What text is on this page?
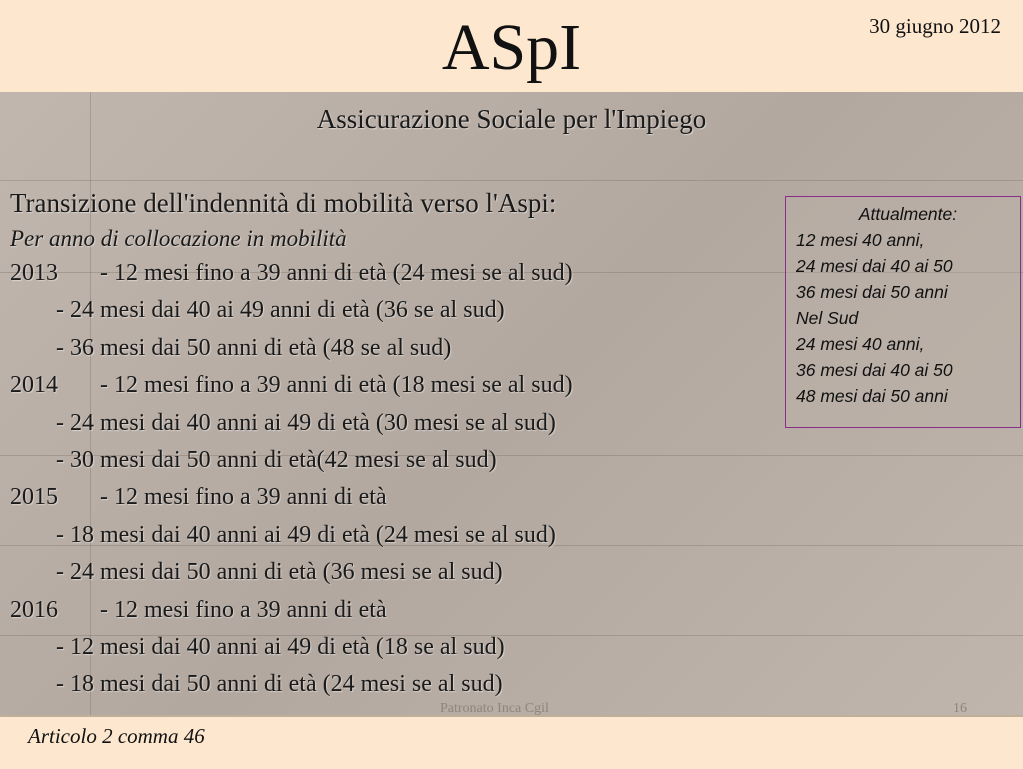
ASpI	30 giugno 2012
Assicurazione Sociale per l'Impiego

Transizione dell'indennità di mobilità verso l'Aspi:

Per anno di collocazione in mobilità
2013 - 12 mesi fino a 39 anni di età (24 mesi se al sud)
- 24 mesi dai 40 ai 49 anni di età (36 se al sud)
- 36 mesi dai 50 anni di età (48 se al sud)
2014 - 12 mesi fino a 39 anni di età (18 mesi se al sud)
- 24 mesi dai 40 anni ai 49 di età (30 mesi se al sud)
- 30 mesi dai 50 anni di età(42 mesi se al sud)
2015 - 12 mesi fino a 39 anni di età
- 18 mesi dai 40 anni ai 49 di età (24 mesi se al sud)
- 24 mesi dai 50 anni di età (36 mesi se al sud)
2016 - 12 mesi fino a 39 anni di età
- 12 mesi dai 40 anni ai 49 di età (18 se al sud)
- 18 mesi dai 50 anni di età (24 mesi se al sud)
Attualmente:
12 mesi 40 anni,
24 mesi dai 40 ai 50
36 mesi dai 50 anni
Nel Sud
24 mesi 40 anni,
36 mesi dai 40 ai 50
48 mesi dai 50 anni
Articolo 2 comma 46
Patronato Inca Cgil	16
